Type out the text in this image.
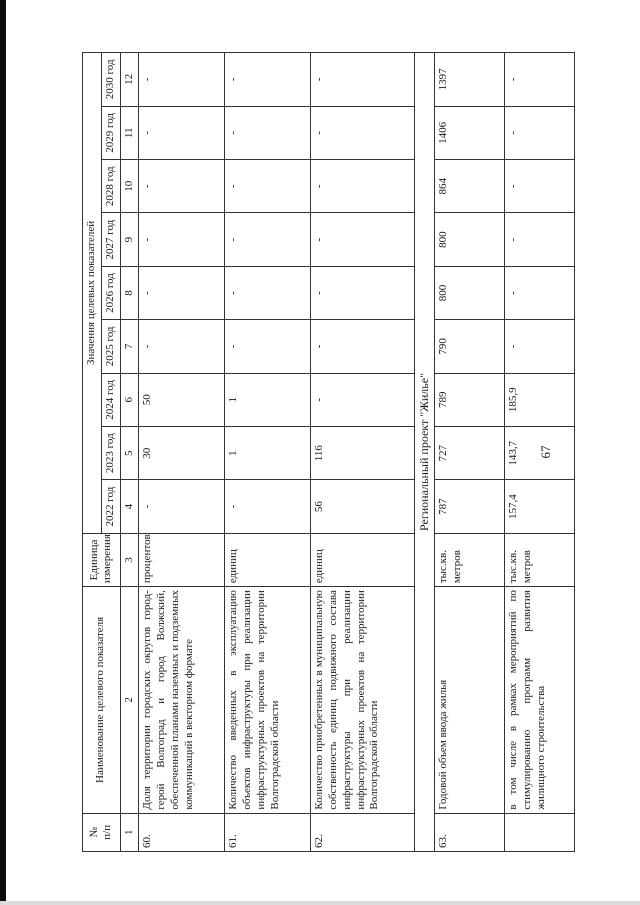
67
№
п/п	Наименование целевого показателя	Единица измерения	Значения целевых показателей								
			2022 год	2023 год	2024 год	2025 год	2026 год	2027 год	2028 год	2029 год	2030 год
1	2	3	4	5	6	7	8	9	10	11	12
60.	Доля территории городских округов город-герой Волгоград и город Волжский, обеспеченной планами наземных и подземных коммуникаций в векторном формате	процентов	-	30	50	-	-	-	-	-	-
61.	Количество введенных в эксплуатацию объектов инфраструктуры при реализации инфраструктурных проектов на территории Волгоградской области	единиц	-	1	1	-	-	-	-	-	-
62.	Количество приобретенных в муниципальную собственность единиц подвижного состава инфраструктуры при реализации инфраструктурных проектов на территории Волгоградской области	единиц	56	116	-	-	-	-	-	-	-
Региональный проект "Жилье"											
63.	Годовой объем ввода жилья	тыс.кв. метров	787	727	789	790	800	800	864	1406	1397
	в том числе в рамках мероприятий по стимулированию программ развития жилищного строительства	тыс.кв. метров	157,4	143,7	185,9	-	-	-	-	-	-
